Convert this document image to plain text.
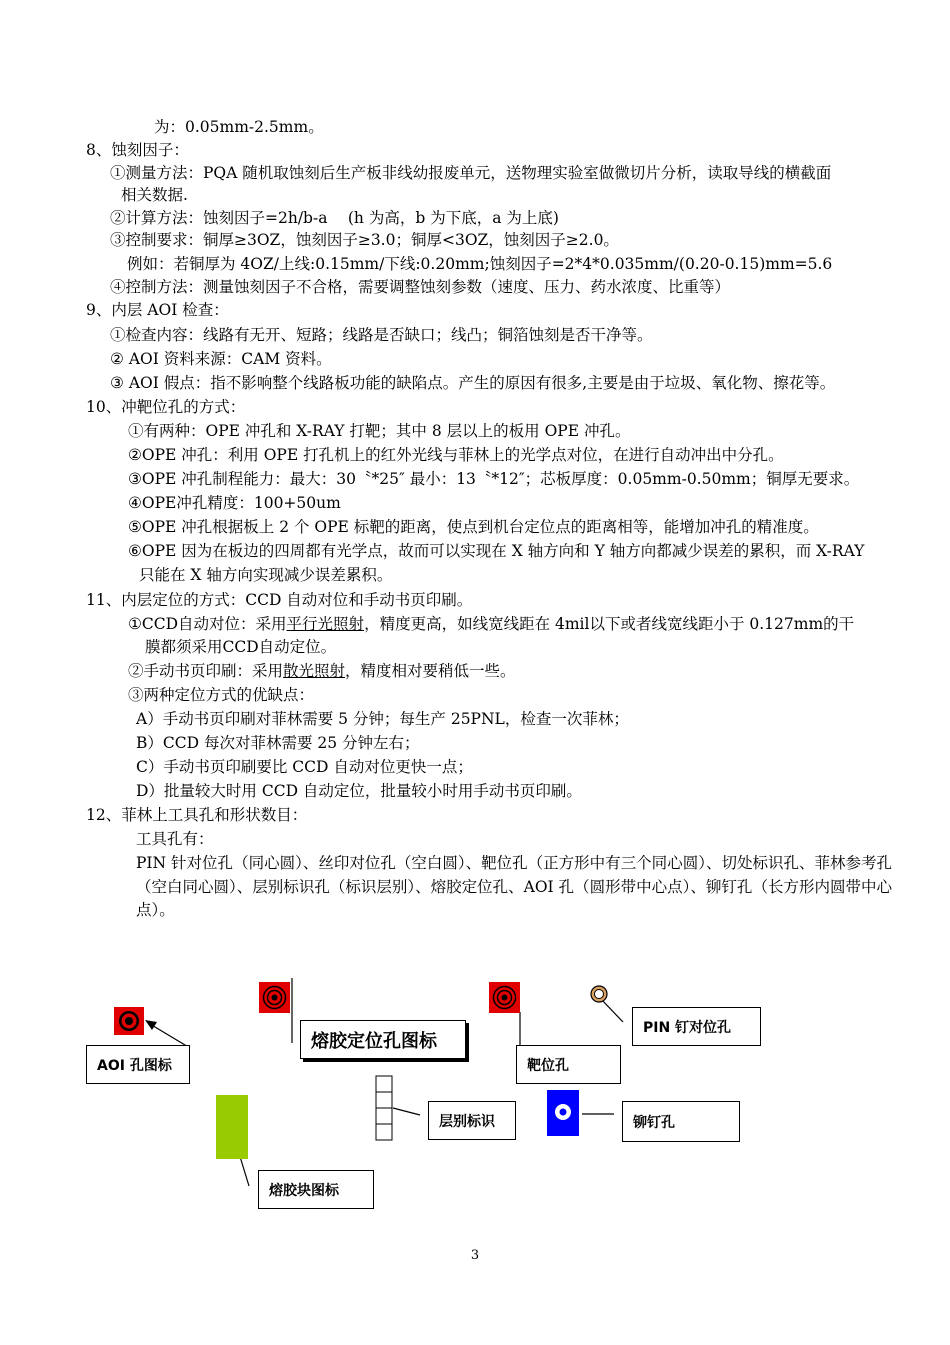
为：0.05mm-2.5mm。
8、蚀刻因子：
①测量方法：PQA 随机取蚀刻后生产板非线幼报废单元，送物理实验室做微切片分析，读取导线的横截面
相关数据.
②计算方法：蚀刻因子=2h/b-a　 (h 为高，b 为下底，a 为上底)
③控制要求：铜厚≥3OZ，蚀刻因子≥3.0；铜厚<3OZ，蚀刻因子≥2.0。
例如：若铜厚为 4OZ/上线:0.15mm/下线:0.20mm;蚀刻因子=2*4*0.035mm/(0.20-0.15)mm=5.6
④控制方法：测量蚀刻因子不合格，需要调整蚀刻参数（速度、压力、药水浓度、比重等）
9、内层 AOI 检查：
①检查内容：线路有无开、短路；线路是否缺口；线凸；铜箔蚀刻是否干净等。
② AOI 资料来源：CAM 资料。
③ AOI 假点：指不影响整个线路板功能的缺陷点。产生的原因有很多,主要是由于垃圾、氧化物、擦花等。
10、冲靶位孔的方式：
①有两种：OPE 冲孔和 X-RAY 打靶；其中 8 层以上的板用 OPE 冲孔。
②OPE 冲孔：利用 OPE 打孔机上的红外光线与菲林上的光学点对位，在进行自动冲出中分孔。
③OPE 冲孔制程能力：最大：30〝*25″ 最小：13〝*12″；芯板厚度：0.05mm-0.50mm；铜厚无要求。
④OPE冲孔精度：100+50um
⑤OPE 冲孔根据板上 2 个 OPE 标靶的距离，使点到机台定位点的距离相等，能增加冲孔的精准度。
⑥OPE 因为在板边的四周都有光学点，故而可以实现在 X 轴方向和 Y 轴方向都减少误差的累积，而 X-RAY
只能在 X 轴方向实现减少误差累积。
11、内层定位的方式：CCD 自动对位和手动书页印刷。
①CCD自动对位：采用平行光照射，精度更高，如线宽线距在 4mil以下或者线宽线距小于 0.127mm的干
膜都须采用CCD自动定位。
②手动书页印刷：采用散光照射，精度相对要稍低一些。
③两种定位方式的优缺点：
A）手动书页印刷对菲林需要 5 分钟；每生产 25PNL，检查一次菲林；
B）CCD 每次对菲林需要 25 分钟左右；
C）手动书页印刷要比 CCD 自动对位更快一点；
D）批量较大时用 CCD 自动定位，批量较小时用手动书页印刷。
12、菲林上工具孔和形状数目：
工具孔有：
PIN 针对位孔（同心圆）、丝印对位孔（空白圆）、靶位孔（正方形中有三个同心圆）、切处标识孔、菲林参考孔（空白同心圆）、层别标识孔（标识层别）、熔胶定位孔、AOI 孔（圆形带中心点）、铆钉孔（长方形内圆带中心点）。
AOI 孔图标
熔胶定位孔图标
靶位孔
PIN 钉对位孔
层别标识	铆钉孔
熔胶块图标
3
